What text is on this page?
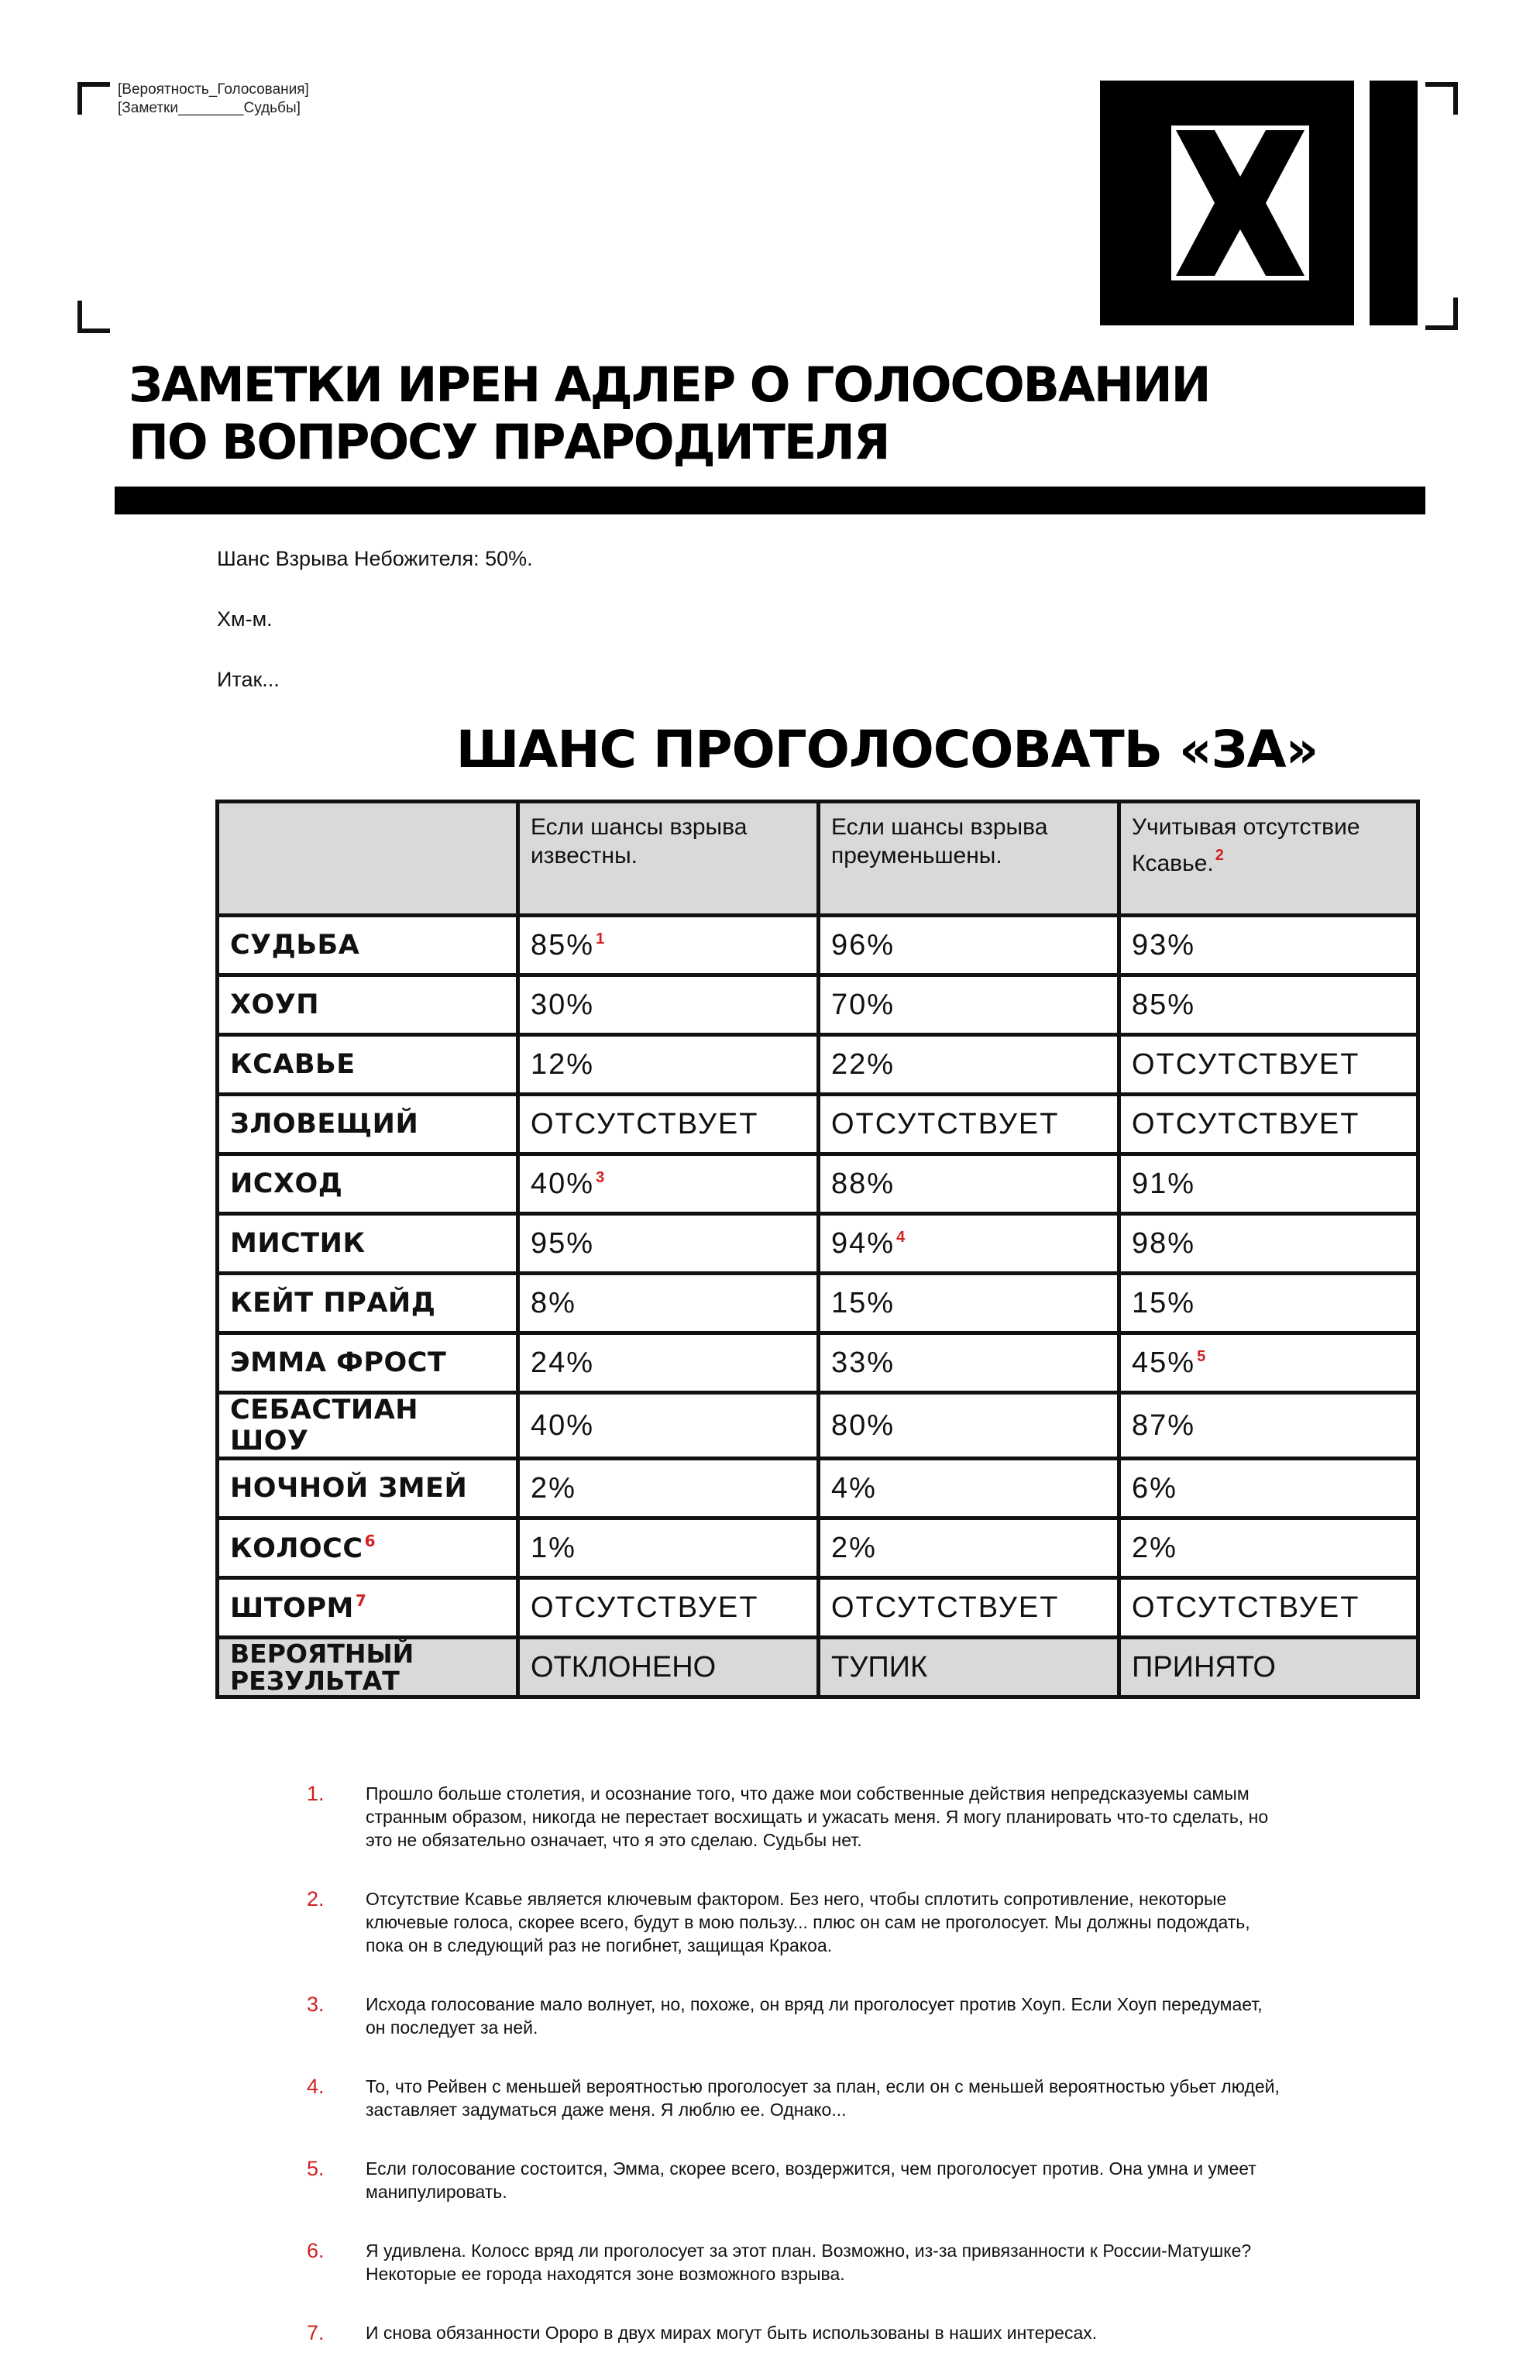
[Вероятность_Голосования]
[Заметки________Судьбы]
ЗАМЕТКИ ИРЕН АДЛЕР О ГОЛОСОВАНИИ
ПО ВОПРОСУ ПРАРОДИТЕЛЯ
Шанс Взрыва Небожителя: 50%.
Хм-м.
Итак...
ШАНС ПРОГОЛОСОВАТЬ «ЗА»
	Если шансы взрыва известны.	Если шансы взрыва преуменьшены.	Учитывая отсутствие Ксавье. $^2$
СУДЬБА	85% $^1$	96%	93%
ХОУП	30%	70%	85%
КСАВЬЕ	12%	22%	ОТСУТСТВУЕТ
ЗЛОВЕЩИЙ	ОТСУТСТВУЕТ	ОТСУТСТВУЕТ	ОТСУТСТВУЕТ
ИСХОД	40% $^3$	88%	91%
МИСТИК	95%	94% $^4$	98%
КЕЙТ ПРАЙД	8%	15%	15%
ЭММА ФРОСТ	24%	33%	45% $^5$
СЕБАСТИАН ШОУ	40%	80%	87%
НОЧНОЙ ЗМЕЙ	2%	4%	6%
КОЛОСС $^6$	1%	2%	2%
ШТОРМ $^7$	ОТСУТСТВУЕТ	ОТСУТСТВУЕТ	ОТСУТСТВУЕТ
ВЕРОЯТНЫЙ РЕЗУЛЬТАТ	ОТКЛОНЕНО	ТУПИК	ПРИНЯТО
1. Прошло больше столетия, и осознание того, что даже мои собственные действия непредсказуемы самым странным образом, никогда не перестает восхищать и ужасать меня. Я могу планировать что-то сделать, но это не обязательно означает, что я это сделаю. Судьбы нет.
2. Отсутствие Ксавье является ключевым фактором. Без него, чтобы сплотить сопротивление, некоторые ключевые голоса, скорее всего, будут в мою пользу... плюс он сам не проголосует. Мы должны подождать, пока он в следующий раз не погибнет, защищая Кракоа.
3. Исхода голосование мало волнует, но, похоже, он вряд ли проголосует против Хоуп. Если Хоуп передумает, он последует за ней.
4. То, что Рейвен с меньшей вероятностью проголосует за план, если он с меньшей вероятностью убьет людей, заставляет задуматься даже меня. Я люблю ее. Однако...
5. Если голосование состоится, Эмма, скорее всего, воздержится, чем проголосует против. Она умна и умеет манипулировать.
6. Я удивлена. Колосс вряд ли проголосует за этот план. Возможно, из-за привязанности к России-Матушке? Некоторые ее города находятся зоне возможного взрыва.
7. И снова обязанности Ороро в двух мирах могут быть использованы в наших интересах.
